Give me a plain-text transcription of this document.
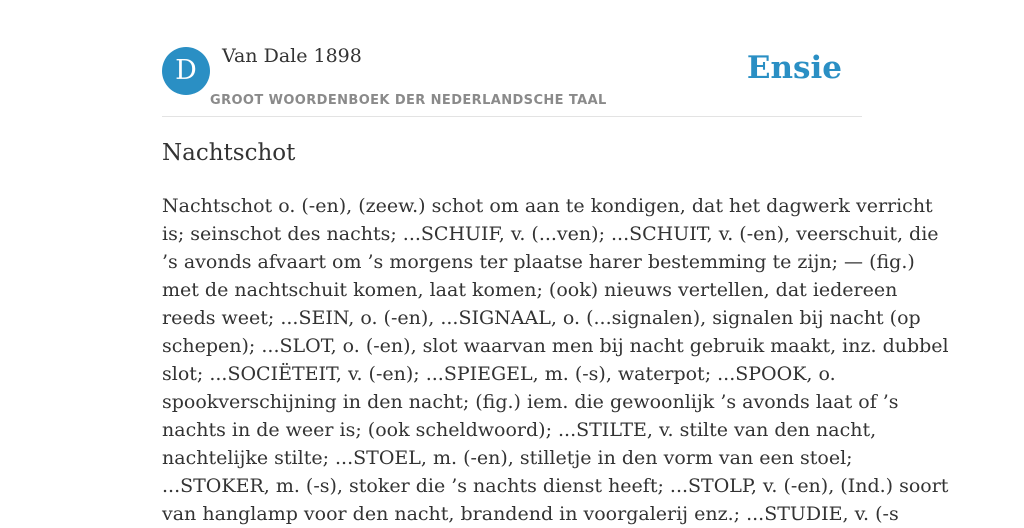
D	Van Dale 1898
GROOT WOORDENBOEK DER NEDERLANDSCHE TAAL
Ensie
Nachtschot

Nachtschot o. (-en), (zeew.) schot om aan te kondigen, dat het dagwerk verricht
is; seinschot des nachts; ...SCHUIF, v. (...ven); ...SCHUIT, v. (-en), veerschuit, die
’s avonds afvaart om ’s morgens ter plaatse harer bestemming te zijn; — (fig.)
met de nachtschuit komen, laat komen; (ook) nieuws vertellen, dat iedereen
reeds weet; ...SEIN, o. (-en), ...SIGNAAL, o. (...signalen), signalen bij nacht (op
schepen); ...SLOT, o. (-en), slot waarvan men bij nacht gebruik maakt, inz. dubbel
slot; ...SOCIËTEIT, v. (-en); ...SPIEGEL, m. (-s), waterpot; ...SPOOK, o.
spookverschijning in den nacht; (fig.) iem. die gewoonlijk ’s avonds laat of ’s
nachts in de weer is; (ook scheldwoord); ...STILTE, v. stilte van den nacht,
nachtelijke stilte; ...STOEL, m. (-en), stilletje in den vorm van een stoel;
...STOKER, m. (-s), stoker die ’s nachts dienst heeft; ...STOLP, v. (-en), (Ind.) soort
van hanglamp voor den nacht, brandend in voorgalerij enz.; ...STUDIE, v. (-s
